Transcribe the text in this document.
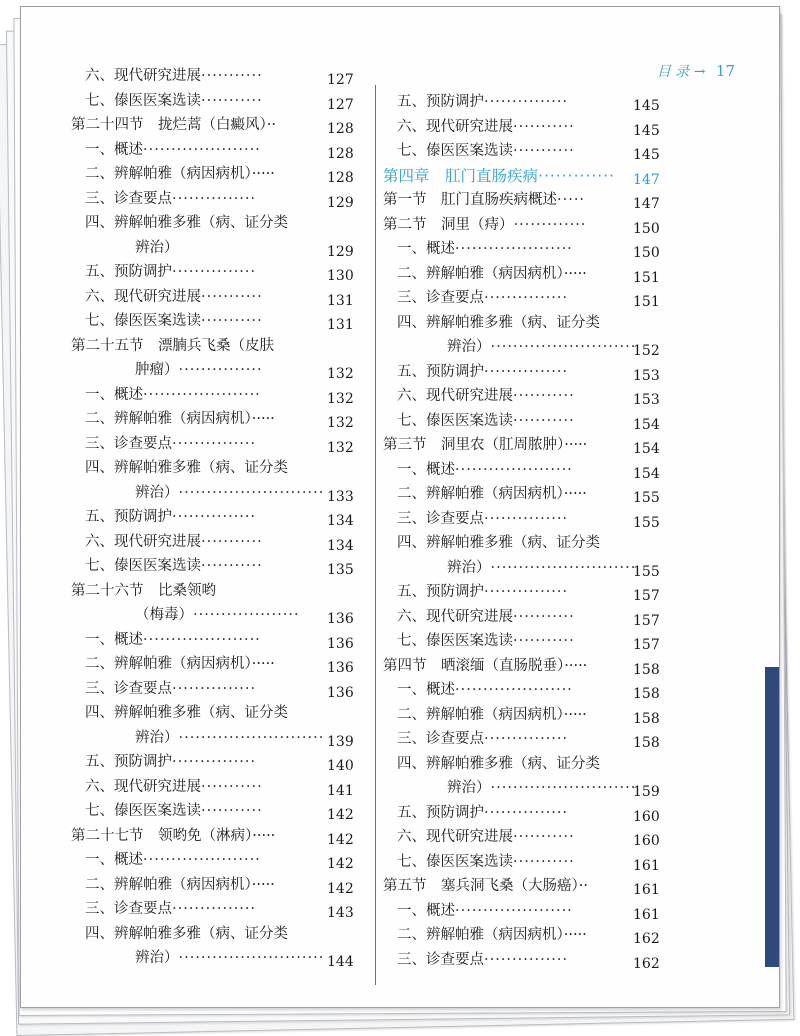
目 录 → 17
六、现代研究进展···········	127
七、傣医医案选读···········	127
第二十四节　拢烂蒿（白癜风）··	128
一、概述·····················	128
二、辨解帕雅（病因病机）·····	128
三、诊查要点···············	129
四、辨解帕雅多雅（病、证分类
辨治）	129
五、预防调护···············	130
六、现代研究进展···········	131
七、傣医医案选读···········	131
第二十五节　漂腩兵飞桑（皮肤
肿瘤）···············	132
一、概述·····················	132
二、辨解帕雅（病因病机）·····	132
三、诊查要点···············	132
四、辨解帕雅多雅（病、证分类
辨治）·························· 133
五、预防调护···············	134
六、现代研究进展···········	134
七、傣医医案选读···········	135
第二十六节　比桑领哟
（梅毒）··················· 136
一、概述·····················	136
二、辨解帕雅（病因病机）·····	136
三、诊查要点···············	136
四、辨解帕雅多雅（病、证分类
辨治）·························· 139
五、预防调护···············	140
六、现代研究进展···········	141
七、傣医医案选读···········	142
第二十七节　领哟免（淋病）·····	142
一、概述·····················	142
二、辨解帕雅（病因病机）·····	142
三、诊查要点···············	143
四、辨解帕雅多雅（病、证分类
辨治）·························· 144
五、预防调护···············	145
六、现代研究进展···········	145
七、傣医医案选读···········	145
第四章　肛门直肠疾病············· 147
第一节　肛门直肠疾病概述·····	147
第二节　洞里（痔）·············	150
一、概述·····················	150
二、辨解帕雅（病因病机）·····	151
三、诊查要点···············	151
四、辨解帕雅多雅（病、证分类
辨治）··························
152
五、预防调护···············	153
六、现代研究进展···········	153
七、傣医医案选读···········	154
第三节　洞里农（肛周脓肿）·····	154
一、概述·····················	154
二、辨解帕雅（病因病机）·····	155
三、诊查要点···············	155
四、辨解帕雅多雅（病、证分类
辨治）··························
155
五、预防调护···············	157
六、现代研究进展···········	157
七、傣医医案选读···········	157
第四节　晒滚缅（直肠脱垂）·····	158
一、概述·····················	158
二、辨解帕雅（病因病机）·····	158
三、诊查要点···············	158
四、辨解帕雅多雅（病、证分类
辨治）··························
159
五、预防调护···············	160
六、现代研究进展···········	160
七、傣医医案选读···········	161
第五节　塞兵洞飞桑（大肠癌）··	161
一、概述·····················	161
二、辨解帕雅（病因病机）·····	162
三、诊查要点···············	162
